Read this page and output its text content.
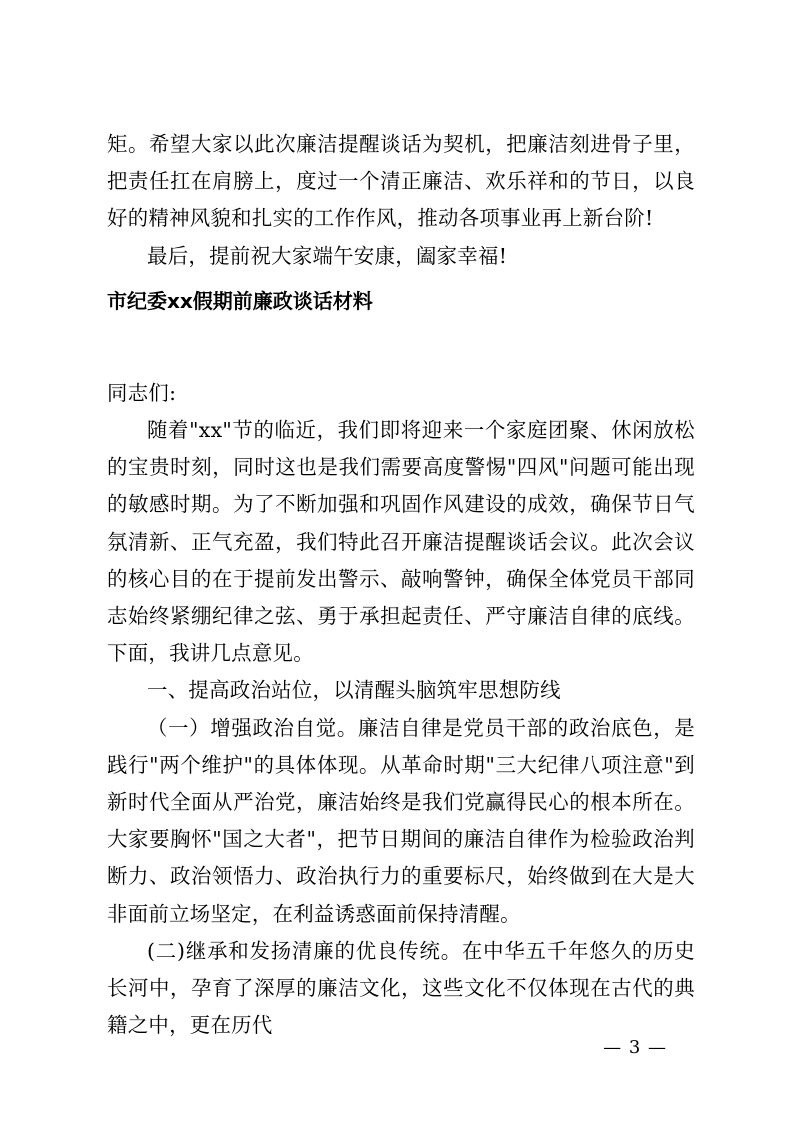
矩。希望大家以此次廉洁提醒谈话为契机，把廉洁刻进骨子里，把责任扛在肩膀上，度过一个清正廉洁、欢乐祥和的节日，以良好的精神风貌和扎实的工作作风，推动各项事业再上新台阶!

最后，提前祝大家端午安康，阖家幸福!

市纪委xx假期前廉政谈话材料

同志们:

随着"xx"节的临近，我们即将迎来一个家庭团聚、休闲放松的宝贵时刻，同时这也是我们需要高度警惕"四风"问题可能出现的敏感时期。为了不断加强和巩固作风建设的成效，确保节日气氛清新、正气充盈，我们特此召开廉洁提醒谈话会议。此次会议的核心目的在于提前发出警示、敲响警钟，确保全体党员干部同志始终紧绷纪律之弦、勇于承担起责任、严守廉洁自律的底线。下面，我讲几点意见。

一、提高政治站位，以清醒头脑筑牢思想防线

（一）增强政治自觉。廉洁自律是党员干部的政治底色，是践行"两个维护"的具体体现。从革命时期"三大纪律八项注意"到新时代全面从严治党，廉洁始终是我们党赢得民心的根本所在。大家要胸怀"国之大者"，把节日期间的廉洁自律作为检验政治判断力、政治领悟力、政治执行力的重要标尺，始终做到在大是大非面前立场坚定，在利益诱惑面前保持清醒。

(二)继承和发扬清廉的优良传统。在中华五千年悠久的历史长河中，孕育了深厚的廉洁文化，这些文化不仅体现在古代的典籍之中，更在历代

— 3 —
